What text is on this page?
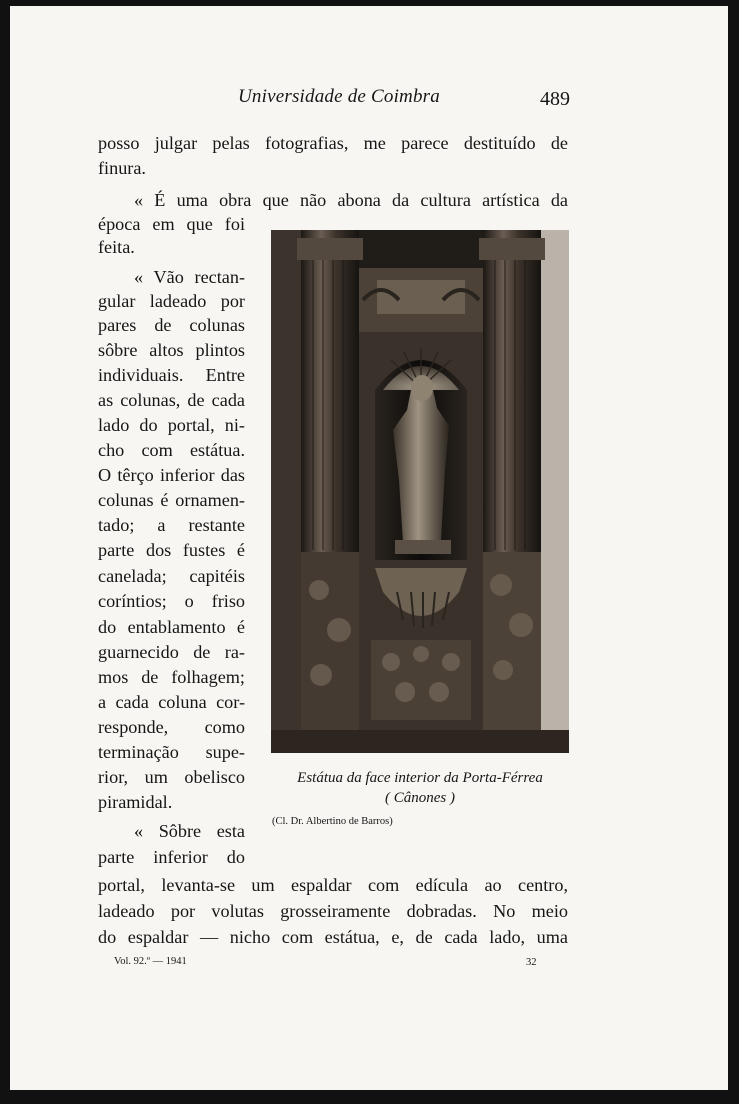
Universidade de Coimbra	489
posso julgar pelas fotografias, me parece destituído de
finura.
« É uma obra que não abona da cultura artística da
época em que foi
feita.
« Vão rectan-
gular ladeado por
pares de colunas
sôbre altos plintos
individuais. Entre
as colunas, de cada
lado do portal, ni-
cho com estátua.
O têrço inferior das
colunas é ornamen-
tado; a restante
parte dos fustes é
canelada; capitéis
coríntios; o friso
do entablamento é
guarnecido de ra-
mos de folhagem;
a cada coluna cor-
responde, como
terminação supe-
rior, um obelisco
piramidal.
« Sôbre esta
parte inferior do
portal, levanta-se um espaldar com edícula ao centro,
ladeado por volutas grosseiramente dobradas. No meio
do espaldar — nicho com estátua, e, de cada lado, uma
Estátua da face interior da Porta-Férrea
( Cânones )
(Cl. Dr. Albertino de Barros)
Vol. 92.º — 1941	32
